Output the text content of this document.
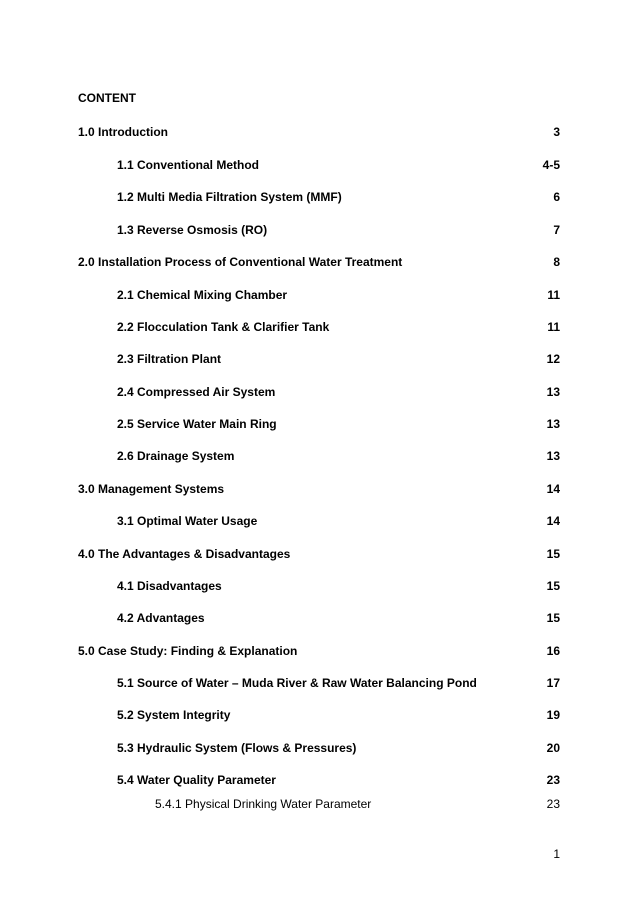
CONTENT
1.0 Introduction	3
1.1 Conventional Method	4-5
1.2 Multi Media Filtration System (MMF)	6
1.3 Reverse Osmosis (RO)	7
2.0 Installation Process of Conventional Water Treatment	8
2.1 Chemical Mixing Chamber	11
2.2 Flocculation Tank & Clarifier Tank	11
2.3 Filtration Plant	12
2.4 Compressed Air System	13
2.5 Service Water Main Ring	13
2.6 Drainage System	13
3.0 Management Systems	14
3.1 Optimal Water Usage	14
4.0 The Advantages & Disadvantages	15
4.1 Disadvantages	15
4.2 Advantages	15
5.0 Case Study: Finding & Explanation	16
5.1 Source of Water – Muda River & Raw Water Balancing Pond	17
5.2 System Integrity	19
5.3 Hydraulic System (Flows & Pressures)	20
5.4 Water Quality Parameter	23
5.4.1 Physical Drinking Water Parameter	23
1
